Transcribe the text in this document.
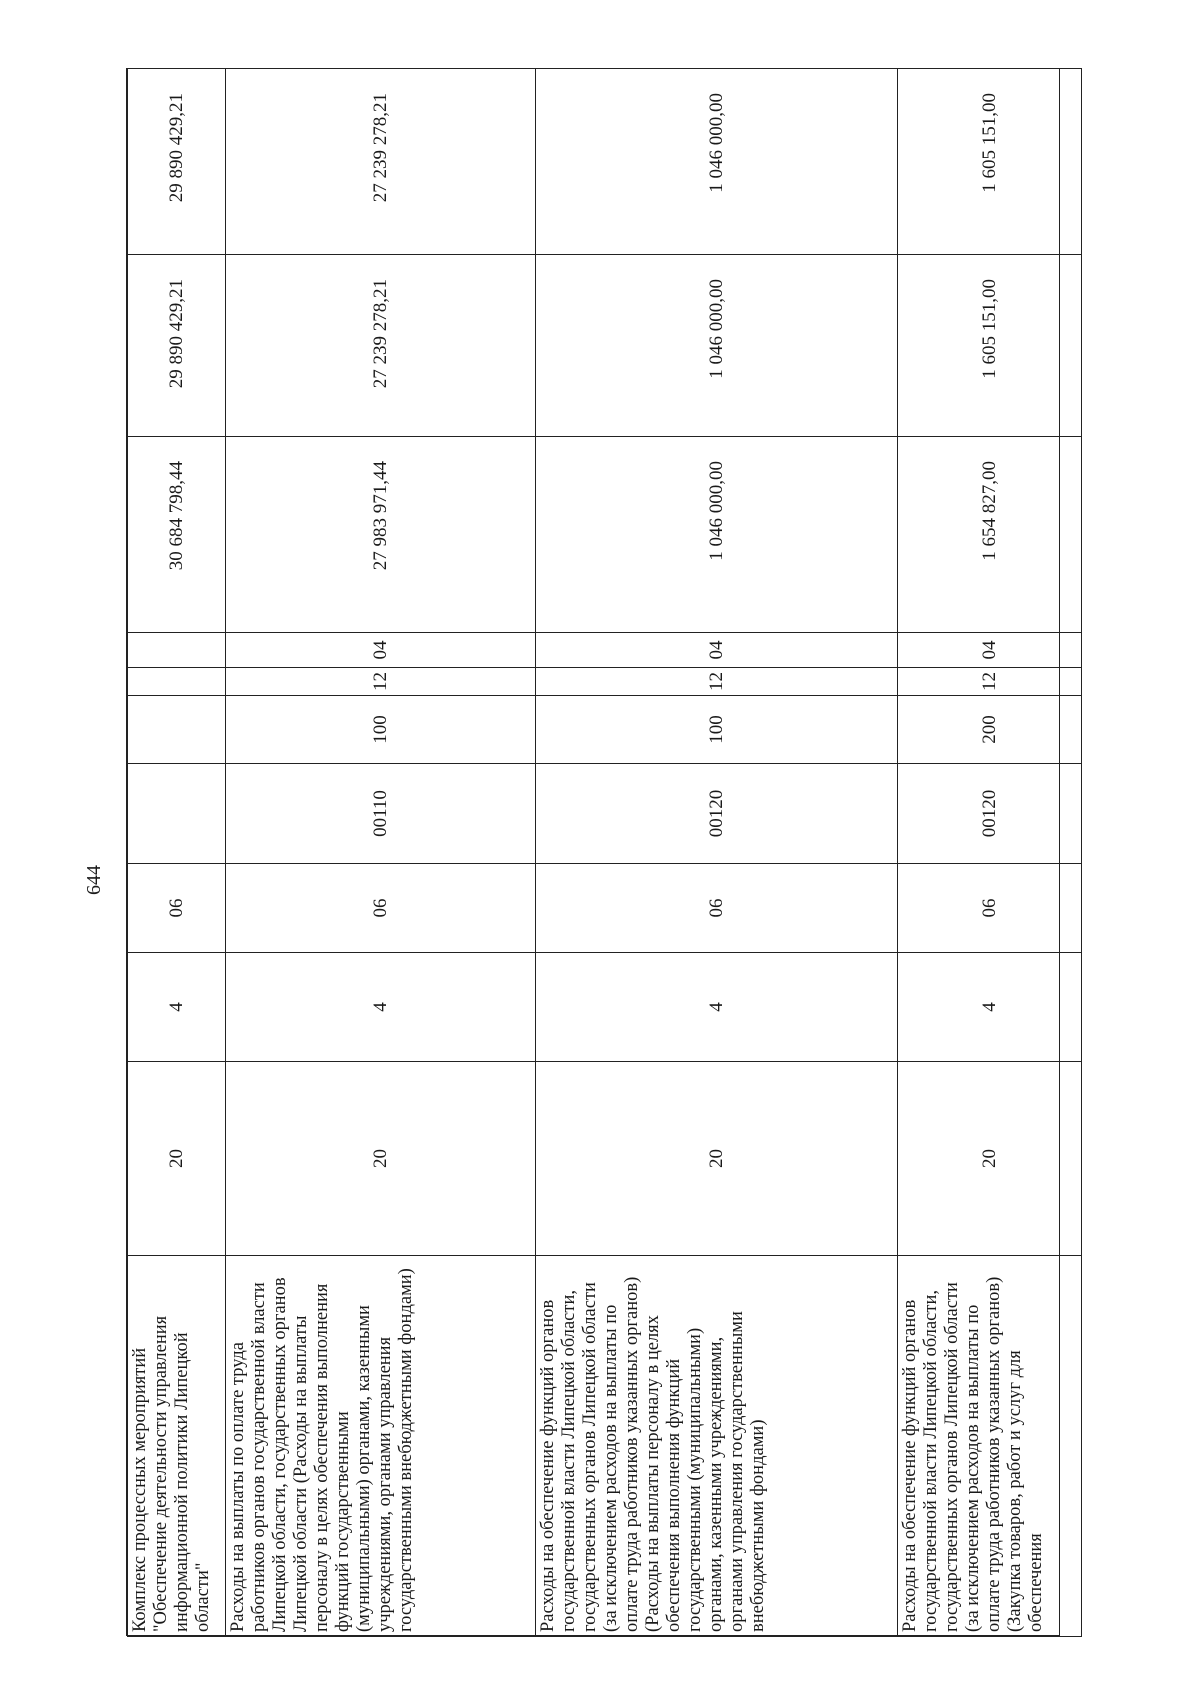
644
Комплекс процессных мероприятий "Обеспечение деятельности управления информационной политики Липецкой области"	20	4	06					30 684 798,44	29 890 429,21	29 890 429,21
Расходы на выплаты по оплате труда работников органов государственной власти Липецкой области, государственных органов Липецкой области (Расходы на выплаты персоналу в целях обеспечения выполнения функций государственными (муниципальными) органами, казенными учреждениями, органами управления государственными внебюджетными фондами)	20	4	06	00110	100	12	04	27 983 971,44	27 239 278,21	27 239 278,21
Расходы на обеспечение функций органов государственной власти Липецкой области, государственных органов Липецкой области (за исключением расходов на выплаты по оплате труда работников указанных органов) (Расходы на выплаты персоналу в целях обеспечения выполнения функций государственными (муниципальными) органами, казенными учреждениями, органами управления государственными внебюджетными фондами)	20	4	06	00120	100	12	04	1 046 000,00	1 046 000,00	1 046 000,00
Расходы на обеспечение функций органов государственной власти Липецкой области, государственных органов Липецкой области (за исключением расходов на выплаты по оплате труда работников указанных органов) (Закупка товаров, работ и услуг для обеспечения	20	4	06	00120	200	12	04	1 654 827,00	1 605 151,00	1 605 151,00
